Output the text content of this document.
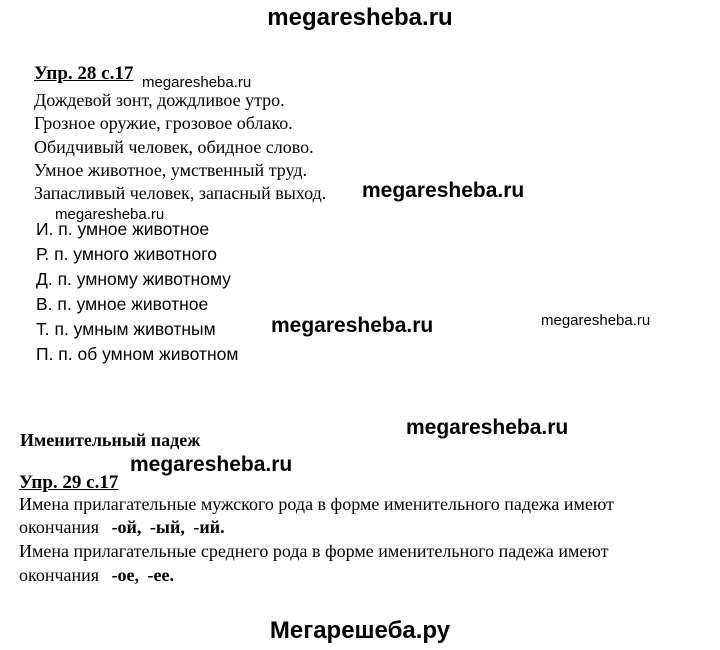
megaresheba.ru
Упр. 28 с.17 megaresheba.ru
Дождевой зонт, дождливое утро.
Грозное оружие, грозовое облако.
Обидчивый человек, обидное слово.
Умное животное, умственный труд.
Запасливый человек, запасный выход. megaresheba.ru
megaresheba.ru
И. п. умное животное
Р. п. умного животного
Д. п. умному животному
В. п. умное животное
Т. п. умным животным
П. п. об умном животном
megaresheba.ru	megaresheba.ru
Именительный падеж
megaresheba.ru
megaresheba.ru
Упр. 29 с.17
Имена прилагательные мужского рода в форме именительного падежа имеют
окончания -ой, -ый, -ий.
Имена прилагательные среднего рода в форме именительного падежа имеют
окончания -ое, -ее.
Мегарешеба.ру
